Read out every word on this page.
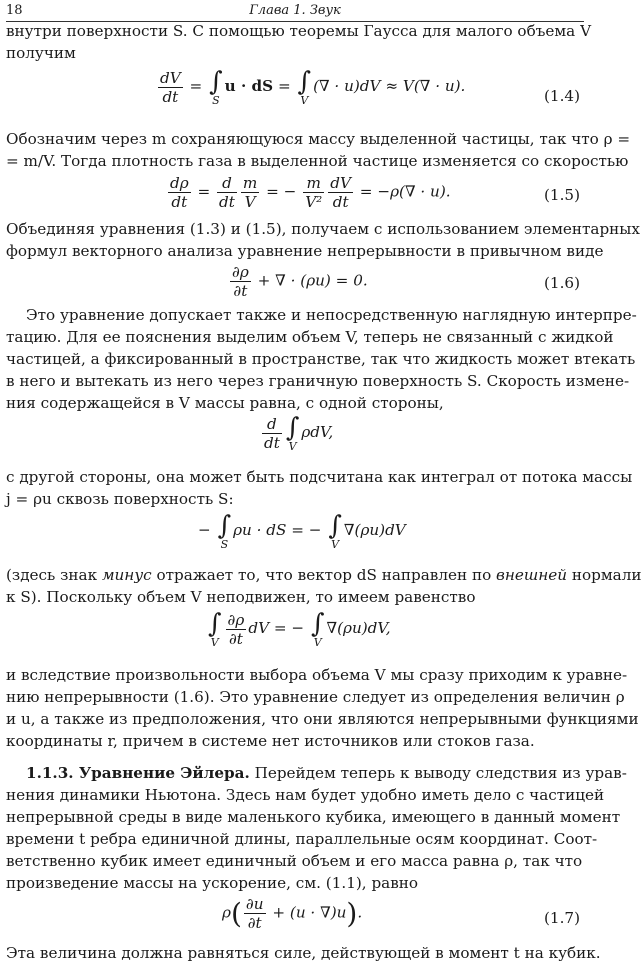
18	Глава 1. Звук
внутри поверхности S. С помощью теоремы Гаусса для малого объема V
получим
$\frac{dV}{dt}$ = ∫
S
u · dS = ∫
V
(∇ · u)dV ≈ V(∇ · u).
(1.4)
Обозначим через m сохраняющуюся массу выделенной частицы, так что ρ =
= m/V. Тогда плотность газа в выделенной частице изменяется со скоростью
$\frac{d\rho}{dt} = \frac{d}{dt} \frac{m}{V}$ = − $\frac{m}{\text{V²}} \frac{dV}{dt} = -\rho(\nabla \cdot u)$.	(1.5)
Объединяя уравнения (1.3) и (1.5), получаем с использованием элементарных
формул векторного анализа уравнение непрерывности в привычном виде
$\frac{\partial\rho}{\partial t}$ + ∇ · (ρu) = 0.	(1.6)
Это уравнение допускает также и непосредственную наглядную интерпре-
тацию. Для ее пояснения выделим объем V, теперь не связанный с жидкой
частицей, а фиксированный в пространстве, так что жидкость может втекать
в него и вытекать из него через граничную поверхность S. Скорость измене-
ния содержащейся в V массы равна, с одной стороны,
$\frac{d}{dt}$ ∫
V
ρdV,
с другой стороны, она может быть подсчитана как интеграл от потока массы
j = ρu сквозь поверхность S:
− ∫
S
ρu · dS = − ∫
V
∇(ρu)dV
(здесь знак минус отражает то, что вектор dS направлен по внешней нормали
к S). Поскольку объем V неподвижен, то имеем равенство
∫
V $\frac{\partial\rho}{\partial t}$ dV = − ∫
V
∇(ρu)dV,
и вследствие произвольности выбора объема V мы сразу приходим к уравне-
нию непрерывности (1.6). Это уравнение следует из определения величин ρ
и u, а также из предположения, что они являются непрерывными функциями
координаты r, причем в системе нет источников или стоков газа.
1.1.3. Уравнение Эйлера. Перейдем теперь к выводу следствия из урав-
нения динамики Ньютона. Здесь нам будет удобно иметь дело с частицей
непрерывной среды в виде маленького кубика, имеющего в данный момент
времени t ребра единичной длины, параллельные осям координат. Соот-
ветственно кубик имеет единичный объем и его масса равна ρ, так что
произведение массы на ускорение, см. (1.1), равно
$\rho( \frac{\partial u}{\partial t} + (u \cdot \nabla)u)$.	(1.7)
Эта величина должна равняться силе, действующей в момент t на кубик.
